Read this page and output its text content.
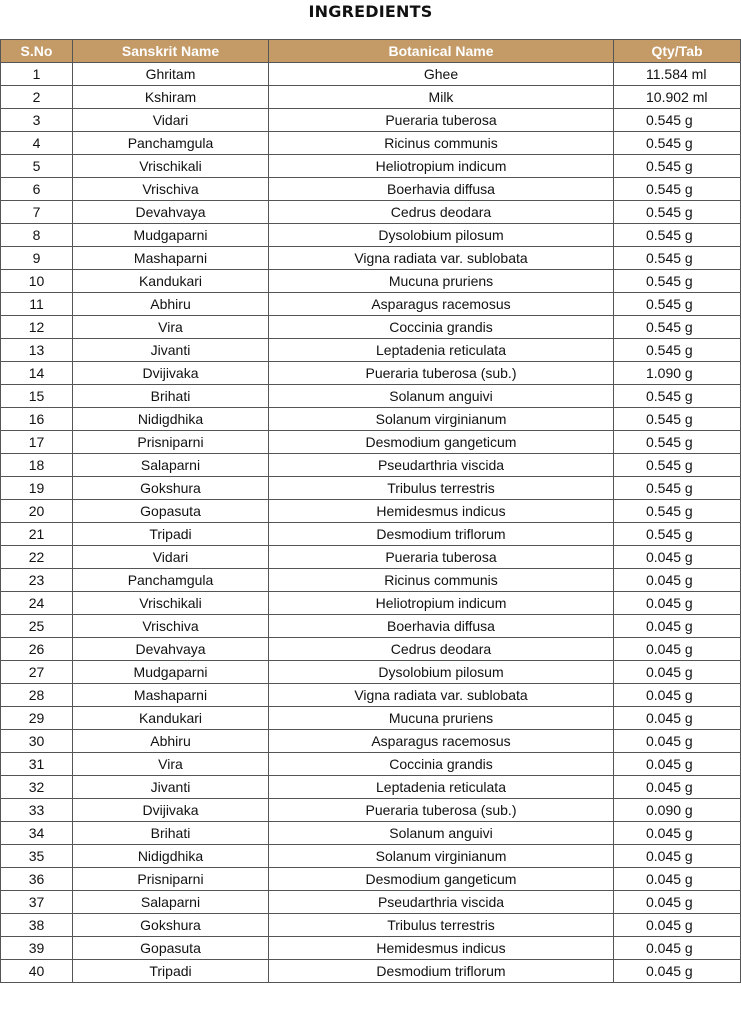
INGREDIENTS
S.No	Sanskrit Name	Botanical Name	Qty/Tab
1	Ghritam	Ghee	11.584 ml
2	Kshiram	Milk	10.902 ml
3	Vidari	Pueraria tuberosa	0.545 g
4	Panchamgula	Ricinus communis	0.545 g
5	Vrischikali	Heliotropium indicum	0.545 g
6	Vrischiva	Boerhavia diffusa	0.545 g
7	Devahvaya	Cedrus deodara	0.545 g
8	Mudgaparni	Dysolobium pilosum	0.545 g
9	Mashaparni	Vigna radiata var. sublobata	0.545 g
10	Kandukari	Mucuna pruriens	0.545 g
11	Abhiru	Asparagus racemosus	0.545 g
12	Vira	Coccinia grandis	0.545 g
13	Jivanti	Leptadenia reticulata	0.545 g
14	Dvijivaka	Pueraria tuberosa (sub.)	1.090 g
15	Brihati	Solanum anguivi	0.545 g
16	Nidigdhika	Solanum virginianum	0.545 g
17	Prisniparni	Desmodium gangeticum	0.545 g
18	Salaparni	Pseudarthria viscida	0.545 g
19	Gokshura	Tribulus terrestris	0.545 g
20	Gopasuta	Hemidesmus indicus	0.545 g
21	Tripadi	Desmodium triflorum	0.545 g
22	Vidari	Pueraria tuberosa	0.045 g
23	Panchamgula	Ricinus communis	0.045 g
24	Vrischikali	Heliotropium indicum	0.045 g
25	Vrischiva	Boerhavia diffusa	0.045 g
26	Devahvaya	Cedrus deodara	0.045 g
27	Mudgaparni	Dysolobium pilosum	0.045 g
28	Mashaparni	Vigna radiata var. sublobata	0.045 g
29	Kandukari	Mucuna pruriens	0.045 g
30	Abhiru	Asparagus racemosus	0.045 g
31	Vira	Coccinia grandis	0.045 g
32	Jivanti	Leptadenia reticulata	0.045 g
33	Dvijivaka	Pueraria tuberosa (sub.)	0.090 g
34	Brihati	Solanum anguivi	0.045 g
35	Nidigdhika	Solanum virginianum	0.045 g
36	Prisniparni	Desmodium gangeticum	0.045 g
37	Salaparni	Pseudarthria viscida	0.045 g
38	Gokshura	Tribulus terrestris	0.045 g
39	Gopasuta	Hemidesmus indicus	0.045 g
40	Tripadi	Desmodium triflorum	0.045 g
